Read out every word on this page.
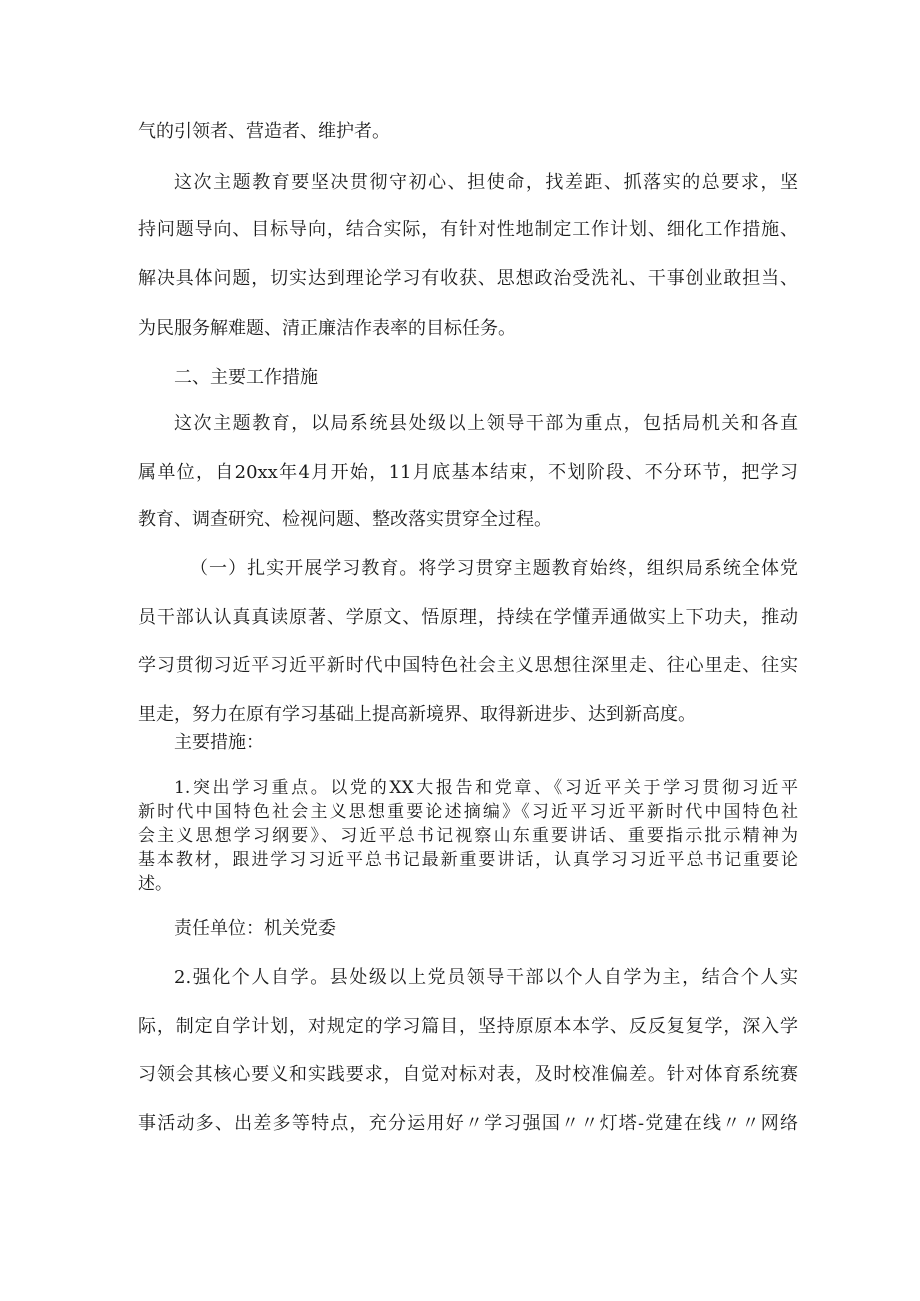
气的引领者、营造者、维护者。
这次主题教育要坚决贯彻守初心、担使命，找差距、抓落实的总要求，坚
持问题导向、目标导向，结合实际，有针对性地制定工作计划、细化工作措施、
解决具体问题，切实达到理论学习有收获、思想政治受洗礼、干事创业敢担当、
为民服务解难题、清正廉洁作表率的目标任务。
二、主要工作措施
这次主题教育，以局系统县处级以上领导干部为重点，包括局机关和各直
属单位，自20xx年4月开始，11月底基本结束，不划阶段、不分环节，把学习
教育、调查研究、检视问题、整改落实贯穿全过程。
（一）扎实开展学习教育。将学习贯穿主题教育始终，组织局系统全体党
员干部认认真真读原著、学原文、悟原理，持续在学懂弄通做实上下功夫，推动
学习贯彻习近平习近平新时代中国特色社会主义思想往深里走、往心里走、往实
里走，努力在原有学习基础上提高新境界、取得新进步、达到新高度。
主要措施：
1.突出学习重点。以党的XX大报告和党章、《习近平关于学习贯彻习近平
新时代中国特色社会主义思想重要论述摘编》《习近平习近平新时代中国特色社
会主义思想学习纲要》、习近平总书记视察山东重要讲话、重要指示批示精神为
基本教材，跟进学习习近平总书记最新重要讲话，认真学习习近平总书记重要论
述。
责任单位：机关党委
2.强化个人自学。县处级以上党员领导干部以个人自学为主，结合个人实
际，制定自学计划，对规定的学习篇目，坚持原原本本学、反反复复学，深入学
习领会其核心要义和实践要求，自觉对标对表，及时校准偏差。针对体育系统赛
事活动多、出差多等特点，充分运用好〃学习强国〃〃灯塔-党建在线〃〃网络
